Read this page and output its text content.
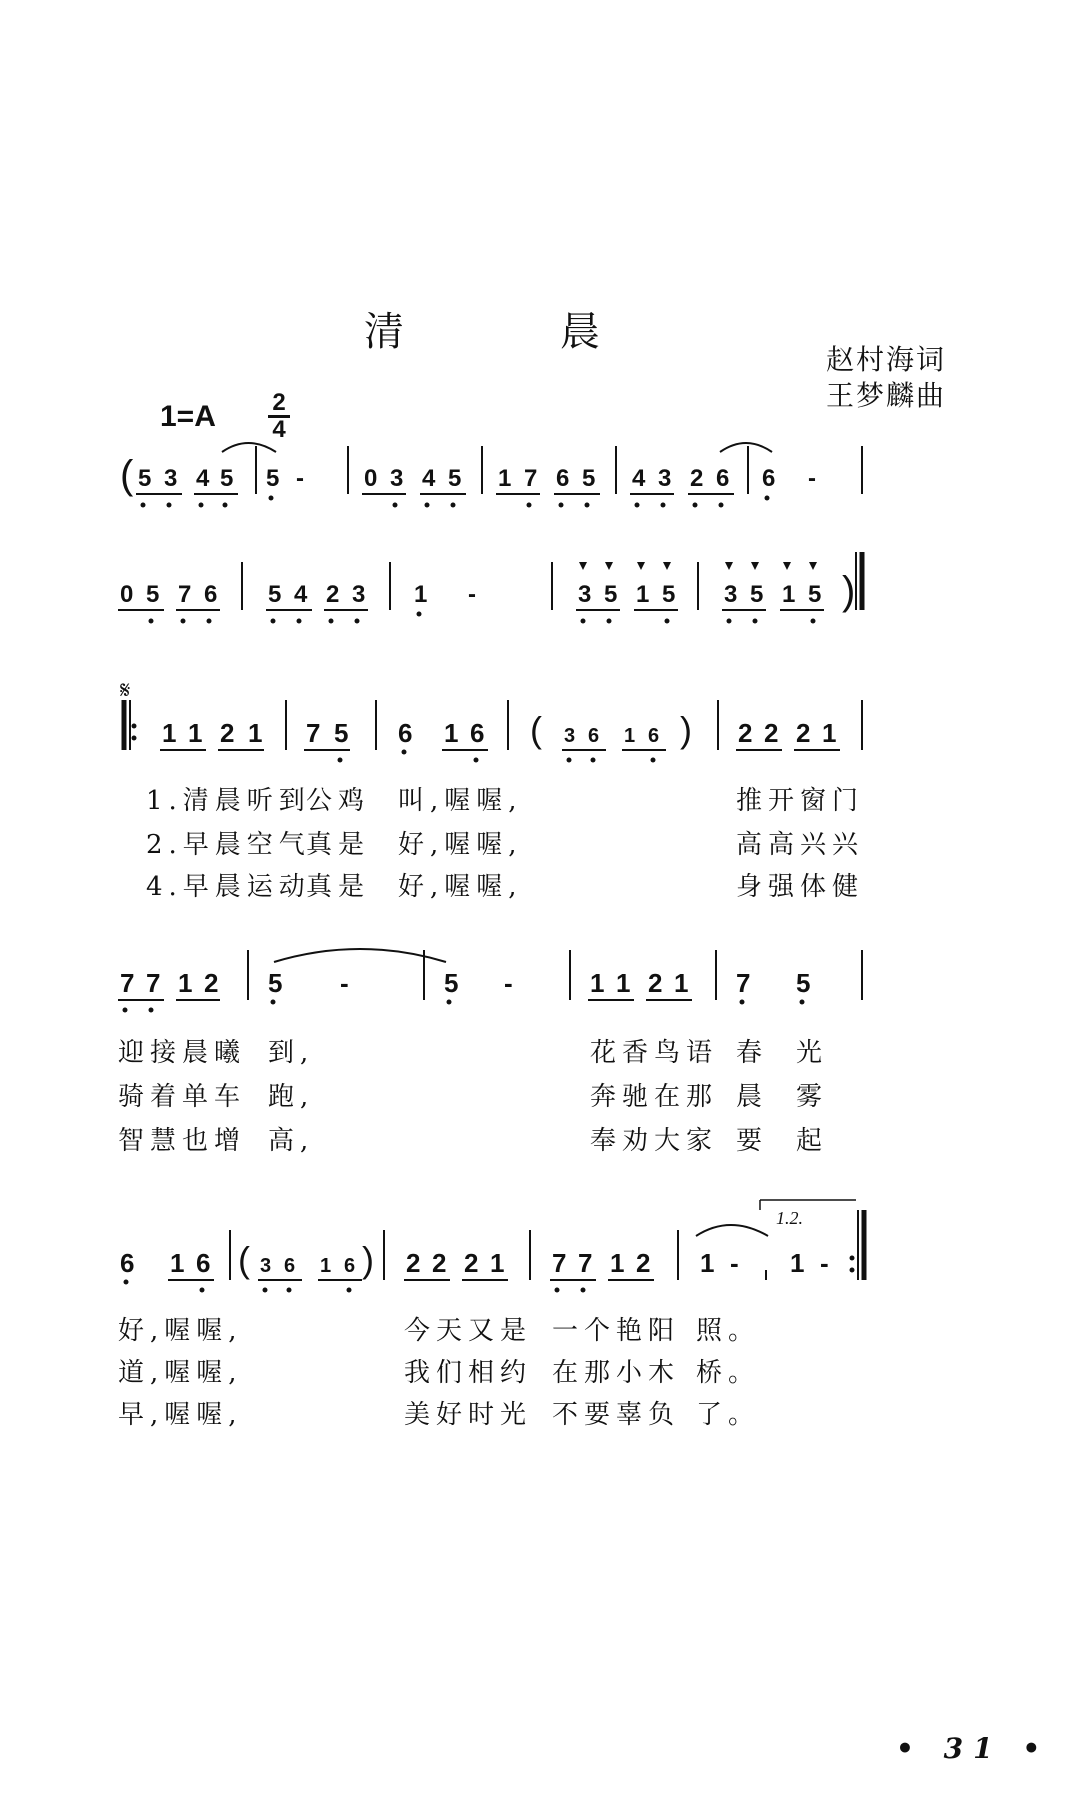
清	晨
1=A 2
4
赵村海词
王梦麟曲
( 5 3 4 5 5 -	0 3 4 5 1 7 6 5 4 3 2 6 6 -
0 5 7 6 5 4 2 3 1 -	3 5 1 5 3 5 1 5 )
𝄋
1 1 2 1 7 5 6 1 6 ( 3 6 1 6 ) 2 2 2 1
1.清晨听到
公鸡 叫,喔喔,	推开窗门
2.早晨空气
真是 好,喔喔,	高高兴兴
4.早晨运动
真是 好,喔喔,	身强体健
7 7 1 2 5 -	5 -	1 1 2 1 7 5
迎接晨曦 到,	花香鸟语 春 光
骑着单车 跑,	奔驰在那 晨 雾
智慧也增 高,	奉劝大家 要 起
1.2.
6 1 6 ( 3 6 1 6 ) 2 2 2 1 7 7 1 2 1 - 1 -
好,喔喔,	今天又是 一个艳阳 照。
道,喔喔,	我们相约 在那小木 桥。
早,喔喔,	美好时光 不要辜负 了。
• 31 •
